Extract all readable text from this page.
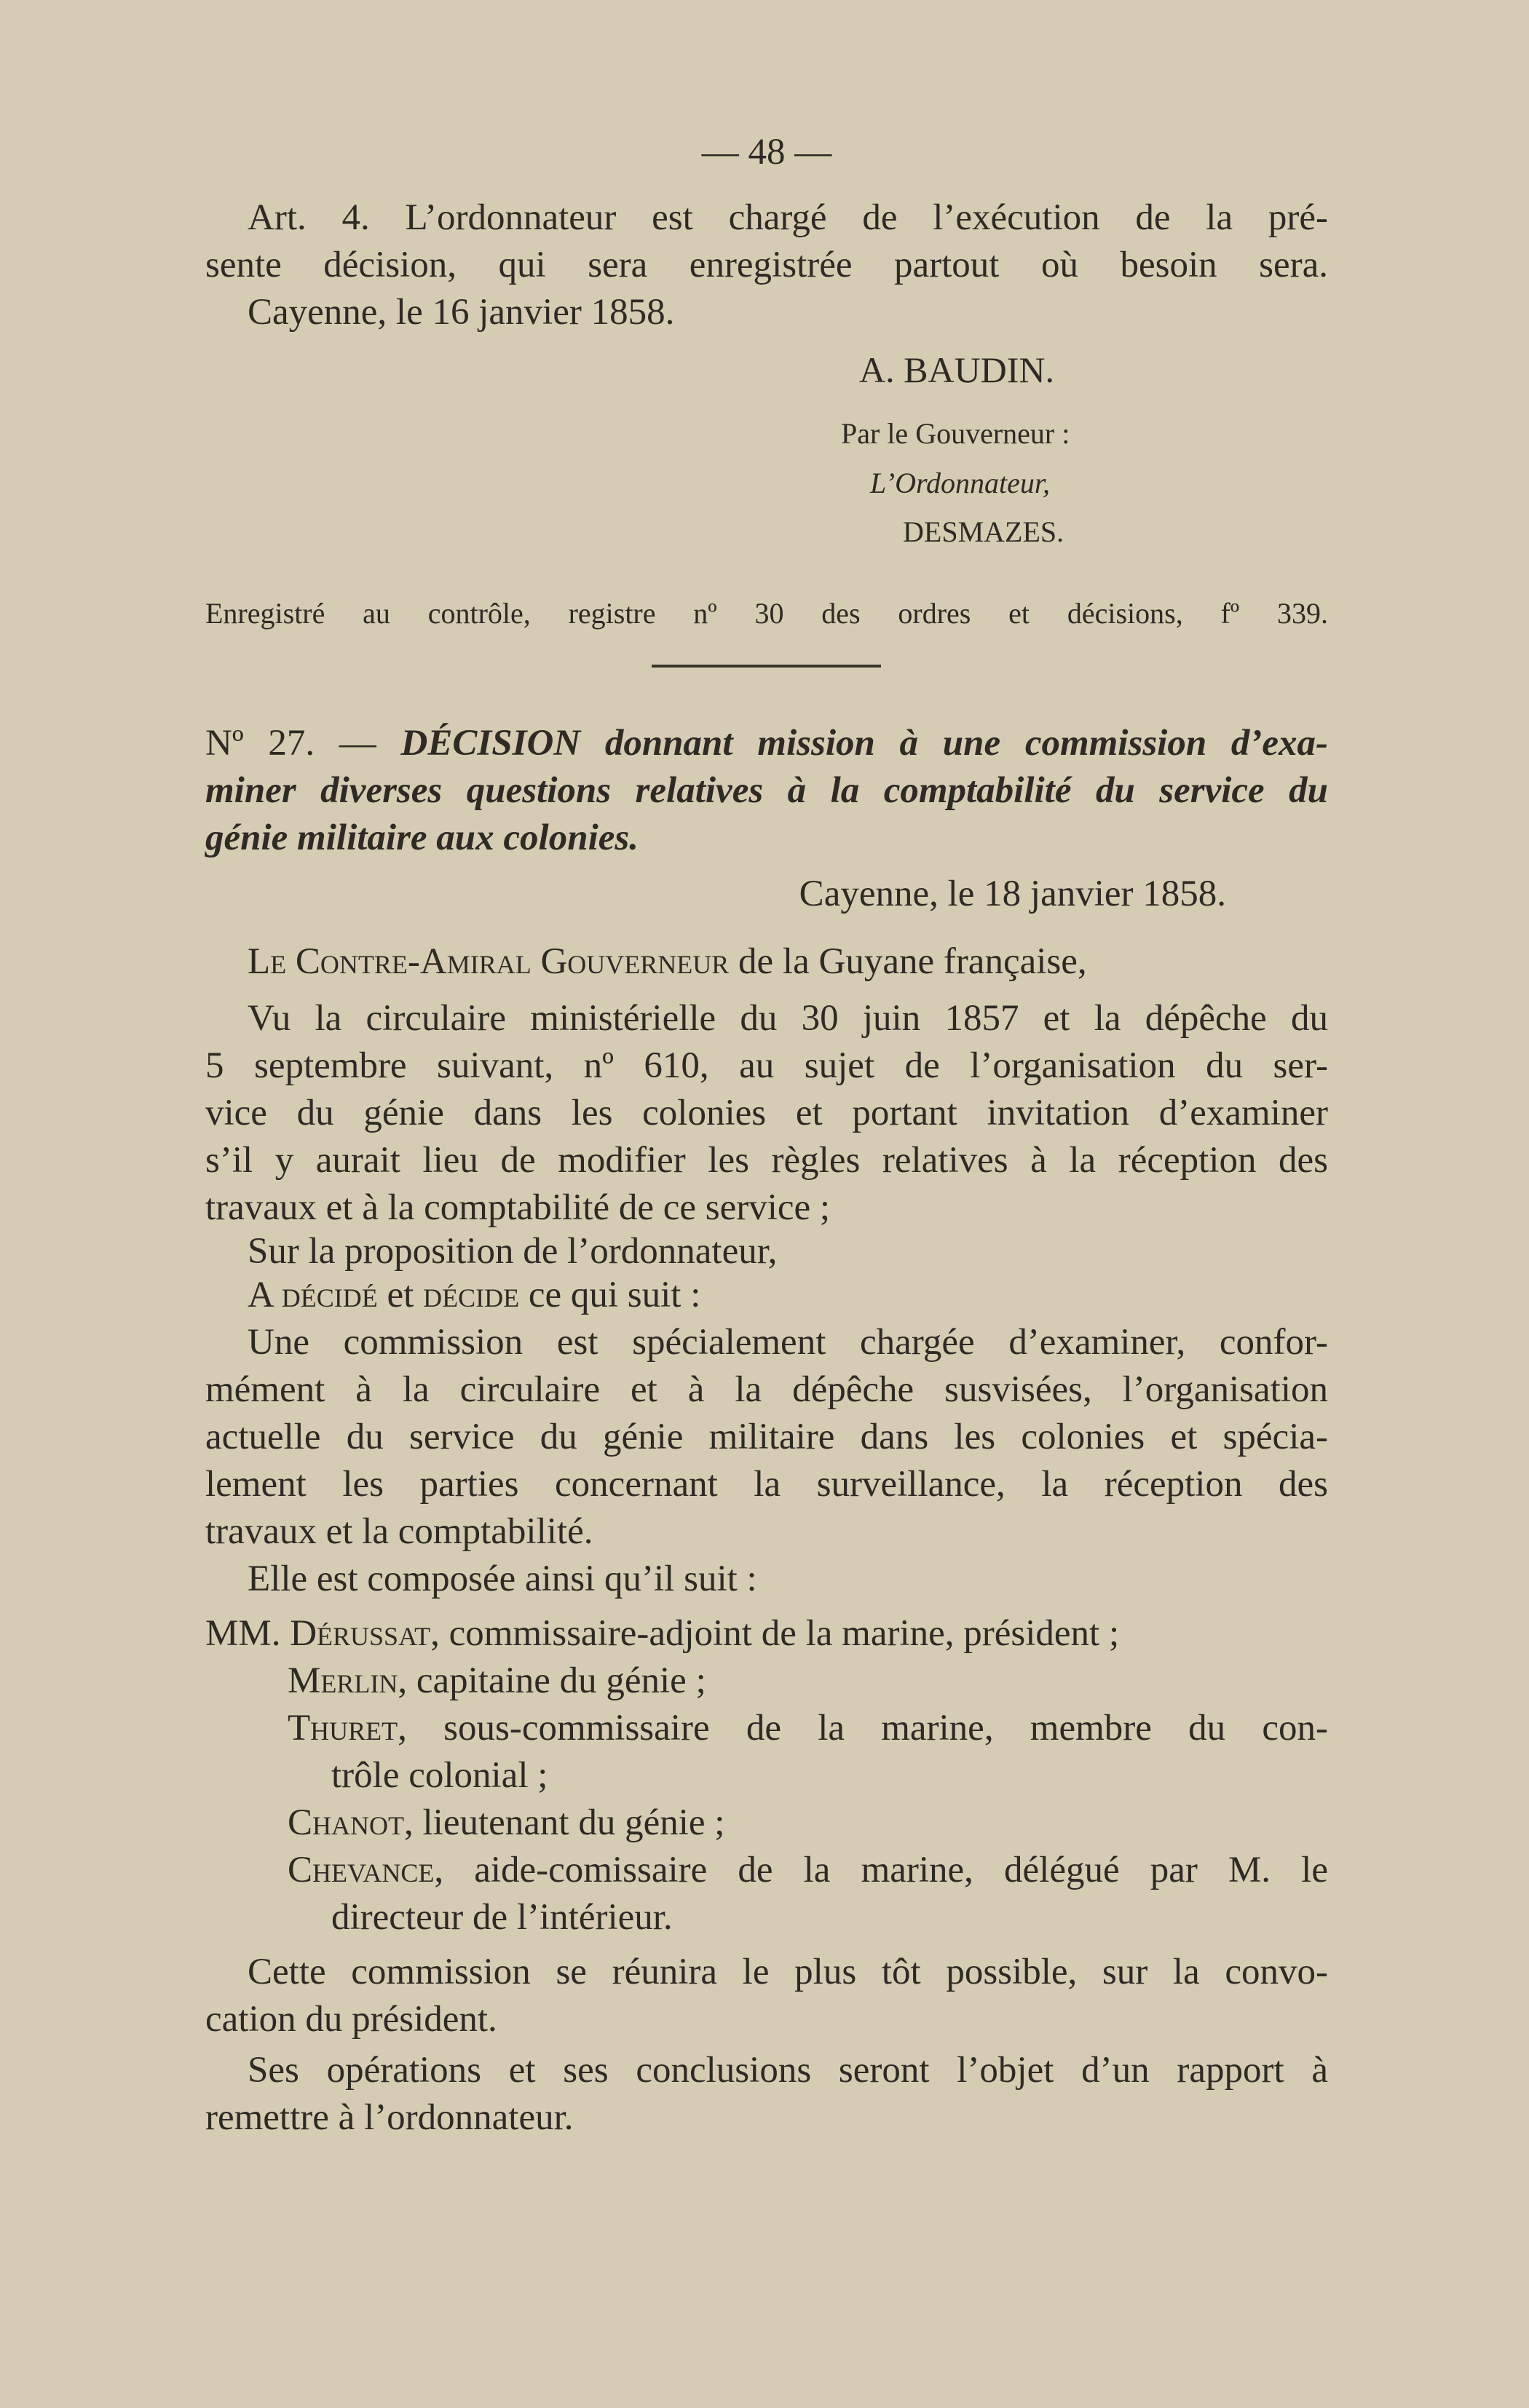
— 48 —
Art. 4. L’ordonnateur est chargé de l’exécution de la pré-
sente décision, qui sera enregistrée partout où besoin sera.
Cayenne, le 16 janvier 1858.
A. BAUDIN.
Par le Gouverneur :
L’Ordonnateur,
DESMAZES.
Enregistré au contrôle, registre nº 30 des ordres et décisions, fº 339.
Nº 27. — DÉCISION donnant mission à une commission d’exa-
miner diverses questions relatives à la comptabilité du service du
génie militaire aux colonies.
Cayenne, le 18 janvier 1858.
Le Contre-Amiral Gouverneur de la Guyane française,
Vu la circulaire ministérielle du 30 juin 1857 et la dépêche du
5 septembre suivant, nº 610, au sujet de l’organisation du ser-
vice du génie dans les colonies et portant invitation d’examiner
s’il y aurait lieu de modifier les règles relatives à la réception des
travaux et à la comptabilité de ce service ;
Sur la proposition de l’ordonnateur,
A décidé et décide ce qui suit :
Une commission est spécialement chargée d’examiner, confor-
mément à la circulaire et à la dépêche susvisées, l’organisation
actuelle du service du génie militaire dans les colonies et spécia-
lement les parties concernant la surveillance, la réception des
travaux et la comptabilité.
Elle est composée ainsi qu’il suit :
MM. Dérussat, commissaire-adjoint de la marine, président ;
Merlin, capitaine du génie ;
Thuret, sous-commissaire de la marine, membre du con-
trôle colonial ;
Chanot, lieutenant du génie ;
Chevance, aide-comissaire de la marine, délégué par M. le
directeur de l’intérieur.
Cette commission se réunira le plus tôt possible, sur la convo-
cation du président.
Ses opérations et ses conclusions seront l’objet d’un rapport à
remettre à l’ordonnateur.
